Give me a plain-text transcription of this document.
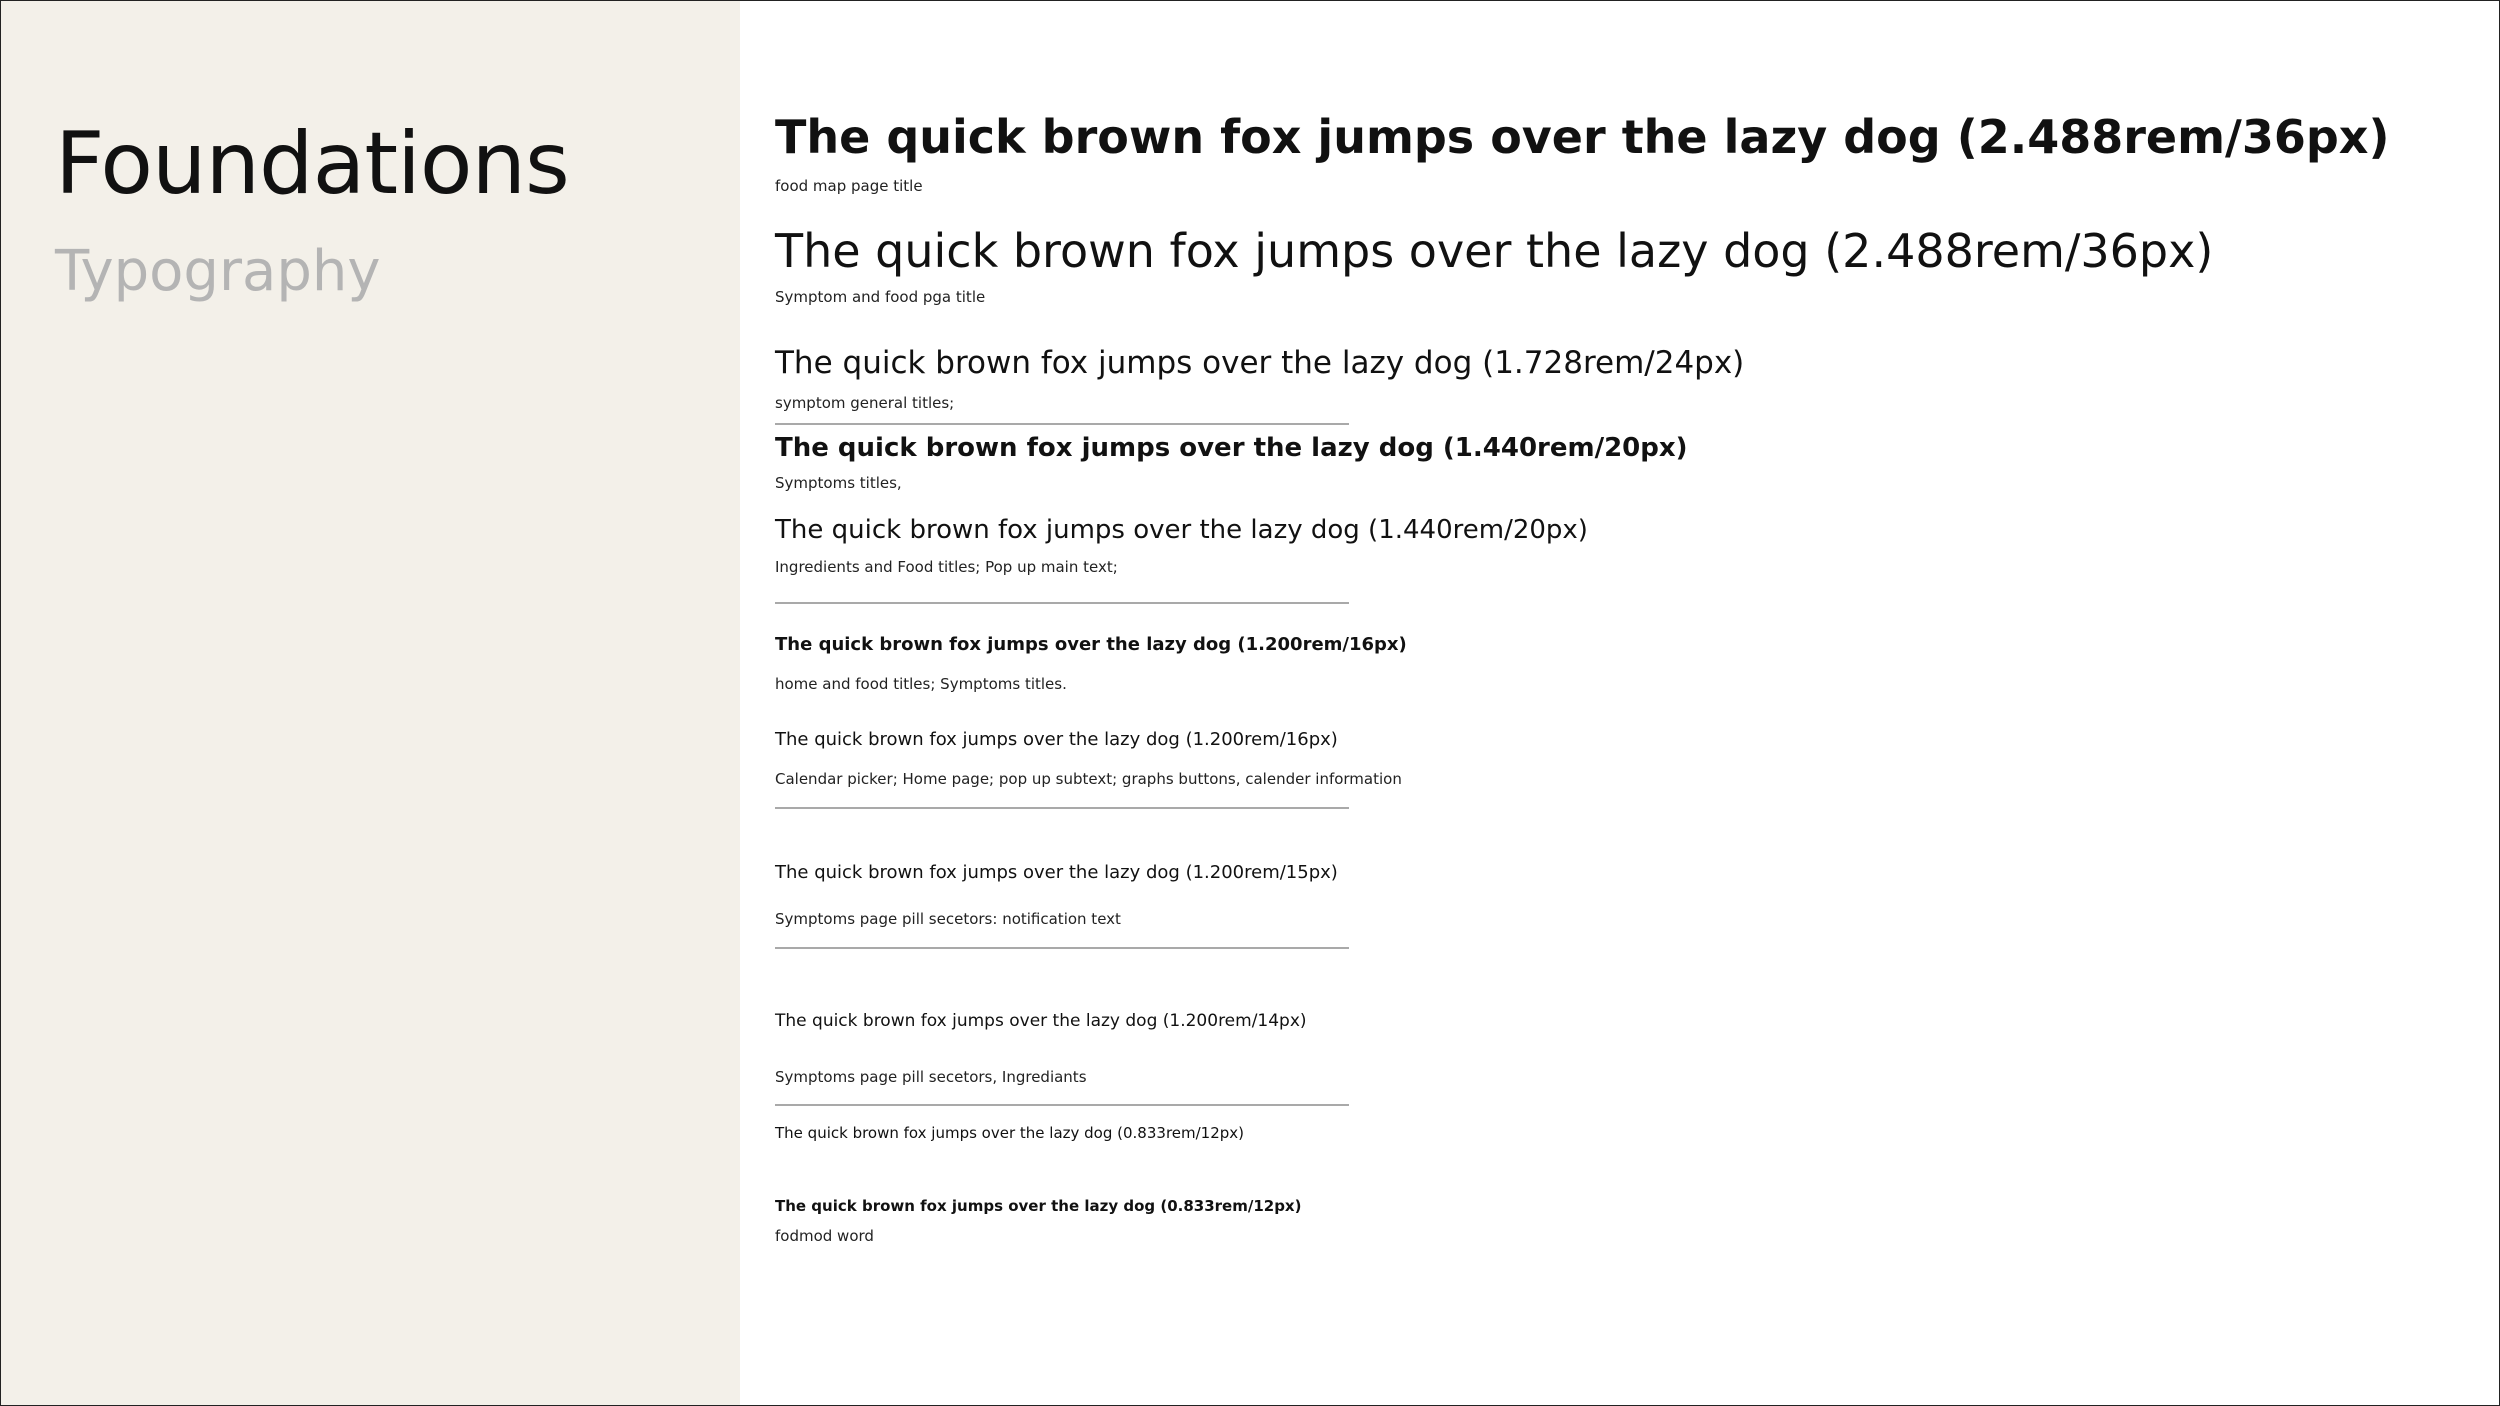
Foundations
Typography

The quick brown fox jumps over the lazy dog (2.488rem/36px)

food map page title

The quick brown fox jumps over the lazy dog (2.488rem/36px)

Symptom and food pga title

The quick brown fox jumps over the lazy dog (1.728rem/24px)

symptom general titles;

The quick brown fox jumps over the lazy dog (1.440rem/20px)

Symptoms titles,

The quick brown fox jumps over the lazy dog (1.440rem/20px)

Ingredients and Food titles; Pop up main text;

The quick brown fox jumps over the lazy dog (1.200rem/16px)

home and food titles; Symptoms titles.

The quick brown fox jumps over the lazy dog (1.200rem/16px)

Calendar picker; Home page; pop up subtext; graphs buttons, calender information

The quick brown fox jumps over the lazy dog (1.200rem/15px)

Symptoms page pill secetors: notification text

The quick brown fox jumps over the lazy dog (1.200rem/14px)

Symptoms page pill secetors, Ingrediants

The quick brown fox jumps over the lazy dog (0.833rem/12px)

The quick brown fox jumps over the lazy dog (0.833rem/12px)

fodmod word
